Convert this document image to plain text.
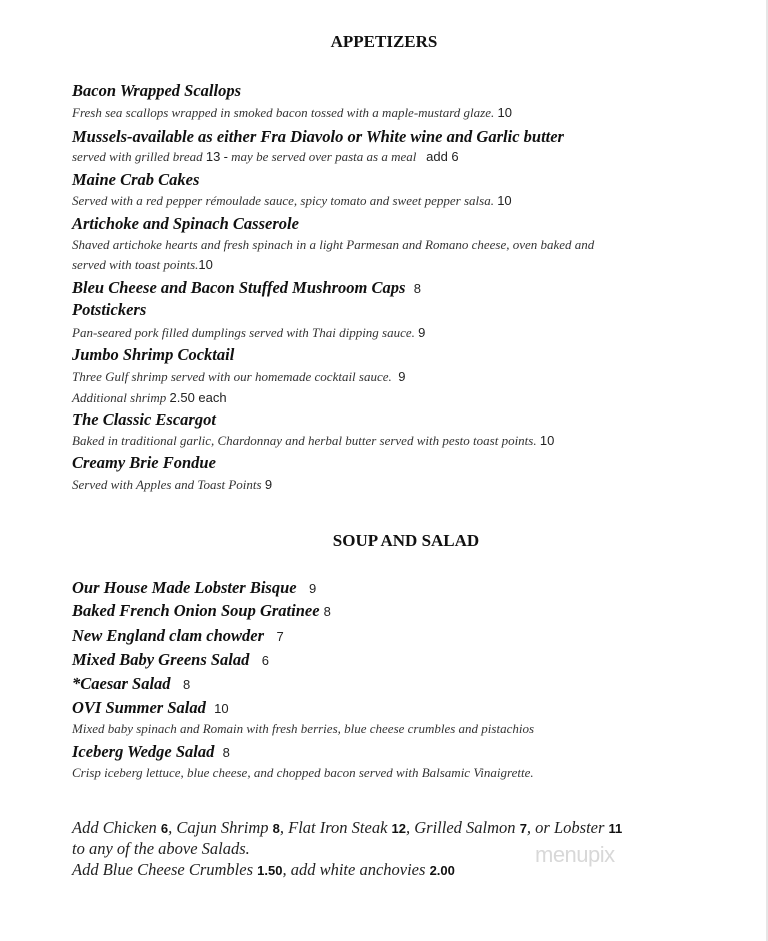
APPETIZERS
Bacon Wrapped Scallops
Fresh sea scallops wrapped in smoked bacon tossed with a maple-mustard glaze. 10
Mussels-available as either Fra Diavolo or White wine and Garlic butter
served with grilled bread 13 - may be served over pasta as a meal add 6
Maine Crab Cakes
Served with a red pepper rémoulade sauce, spicy tomato and sweet pepper salsa. 10
Artichoke and Spinach Casserole
Shaved artichoke hearts and fresh spinach in a light Parmesan and Romano cheese, oven baked and
served with toast points.10
Bleu Cheese and Bacon Stuffed Mushroom Caps 8
Potstickers
Pan-seared pork filled dumplings served with Thai dipping sauce. 9
Jumbo Shrimp Cocktail
Three Gulf shrimp served with our homemade cocktail sauce. 9
Additional shrimp 2.50 each
The Classic Escargot
Baked in traditional garlic, Chardonnay and herbal butter served with pesto toast points. 10
Creamy Brie Fondue
Served with Apples and Toast Points 9
SOUP AND SALAD
Our House Made Lobster Bisque 9
Baked French Onion Soup Gratinee 8
New England clam chowder 7
Mixed Baby Greens Salad 6
*Caesar Salad 8
OVI Summer Salad 10
Mixed baby spinach and Romain with fresh berries, blue cheese crumbles and pistachios
Iceberg Wedge Salad 8
Crisp iceberg lettuce, blue cheese, and chopped bacon served with Balsamic Vinaigrette.
Add Chicken 6, Cajun Shrimp 8, Flat Iron Steak 12, Grilled Salmon 7, or Lobster 11
to any of the above Salads.
Add Blue Cheese Crumbles 1.50, add white anchovies 2.00
menupix
